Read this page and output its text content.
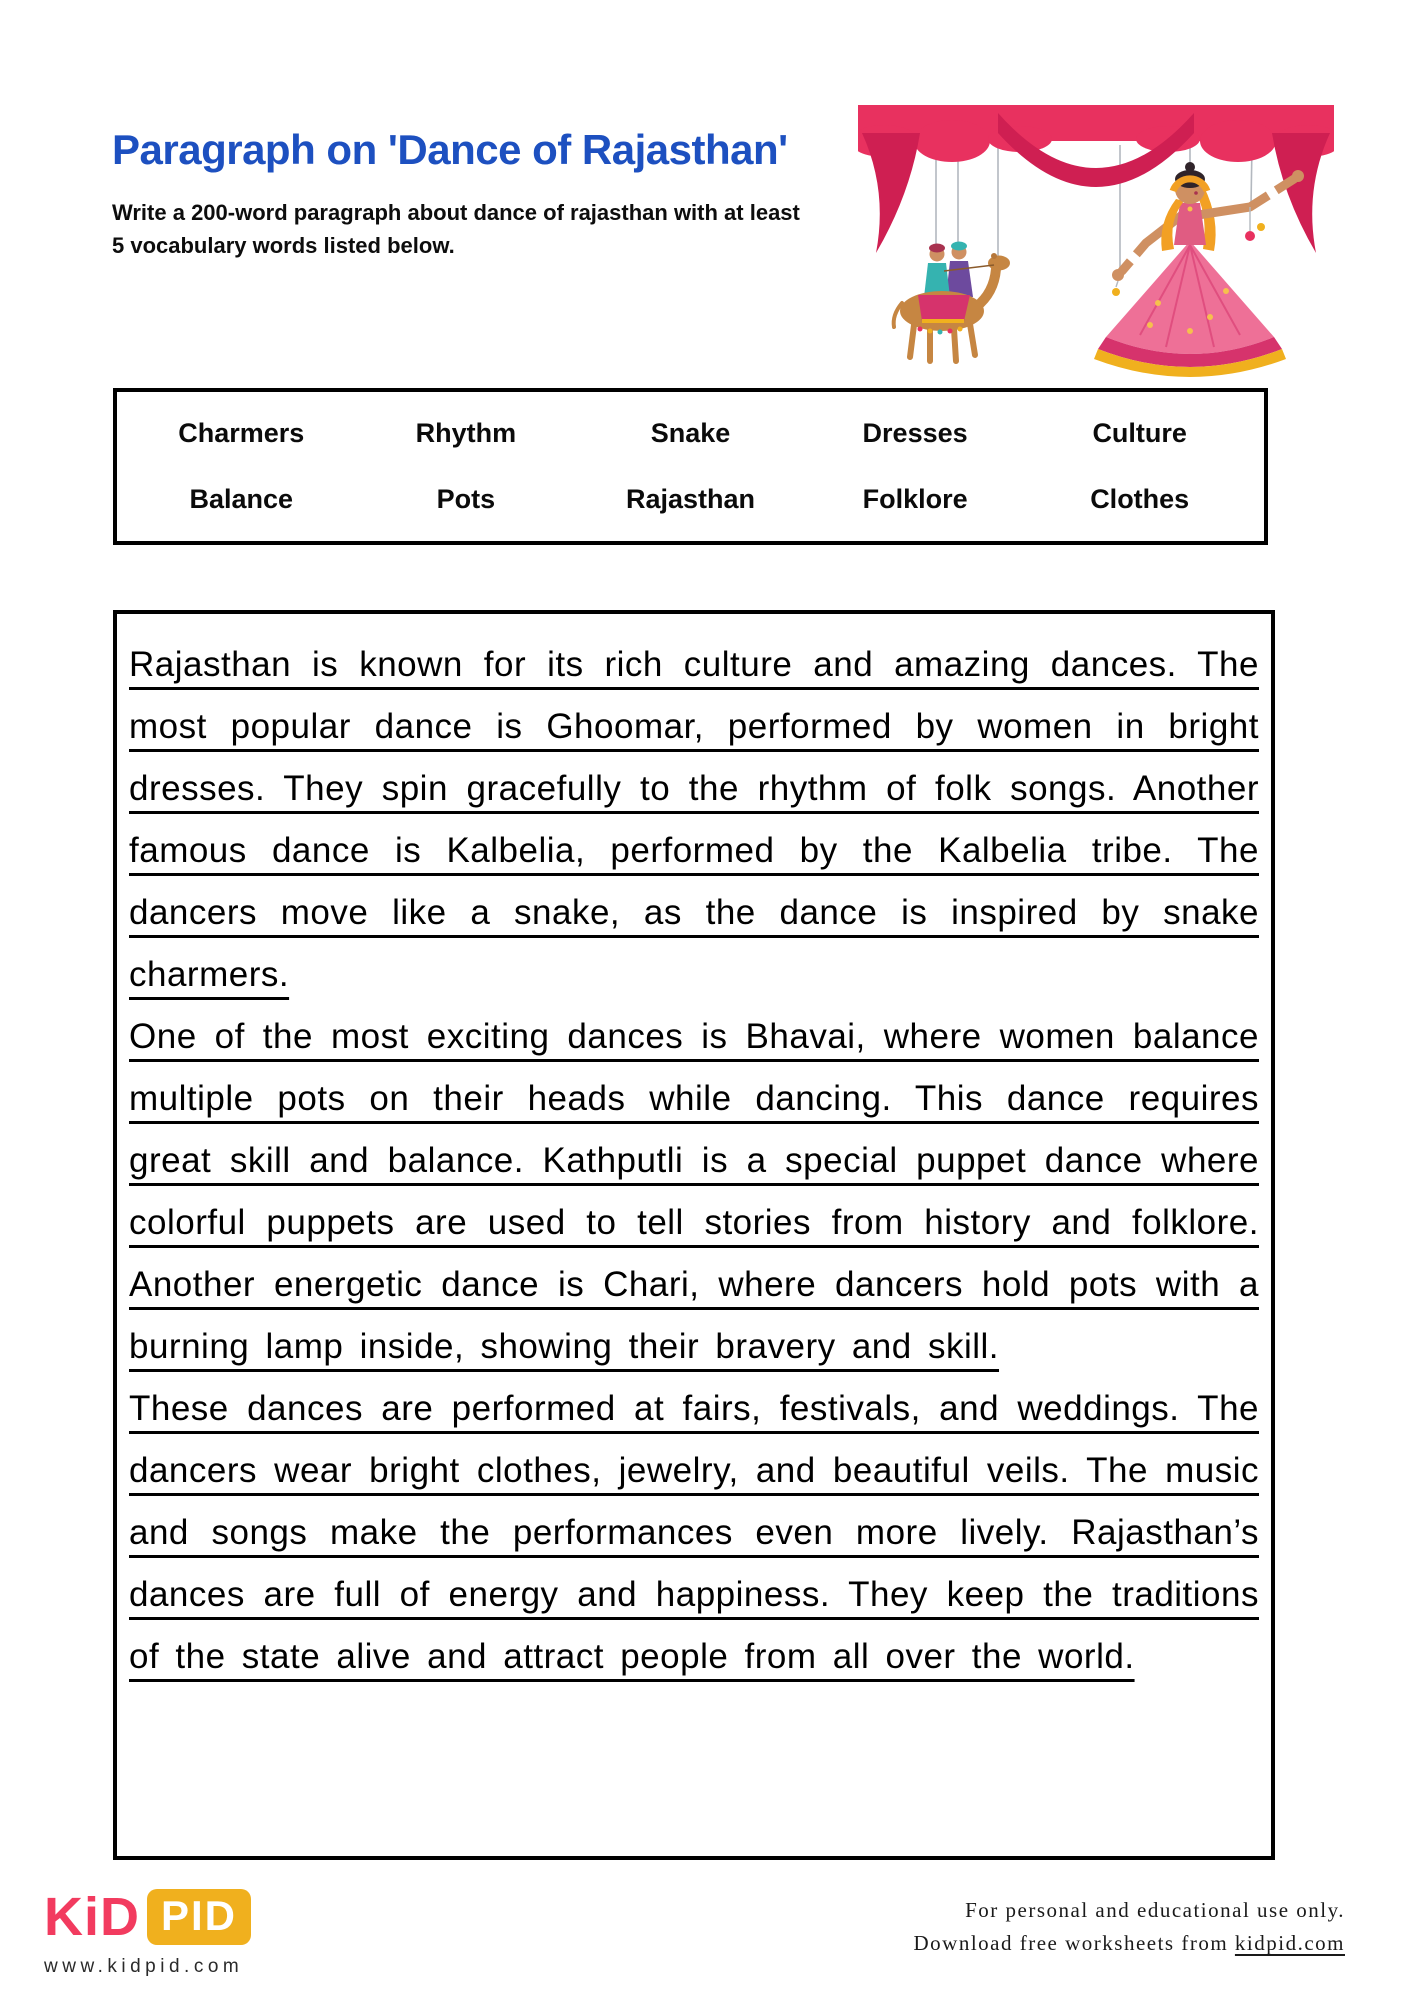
Paragraph on 'Dance of Rajasthan'

Write a 200-word paragraph about dance of rajasthan with at least
5 vocabulary words listed below.

Charmers	Rhythm	Snake	Dresses	Culture
Balance	Pots	Rajasthan	Folklore	Clothes

Rajasthan is known for its rich culture and amazing dances. The most popular dance is Ghoomar, performed by women in bright dresses. They spin gracefully to the rhythm of folk songs. Another famous dance is Kalbelia, performed by the Kalbelia tribe. The dancers move like a snake, as the dance is inspired by snake charmers.

One of the most exciting dances is Bhavai, where women balance multiple pots on their heads while dancing. This dance requires great skill and balance. Kathputli is a special puppet dance where colorful puppets are used to tell stories from history and folklore. Another energetic dance is Chari, where dancers hold pots with a burning lamp inside, showing their bravery and skill.

These dances are performed at fairs, festivals, and weddings. The dancers wear bright clothes, jewelry, and beautiful veils. The music and songs make the performances even more lively. Rajasthan’s dances are full of energy and happiness. They keep the traditions of the state alive and attract people from all over the world.

KiD PID
www.kidpid.com
For personal and educational use only.
Download free worksheets from kidpid.com
